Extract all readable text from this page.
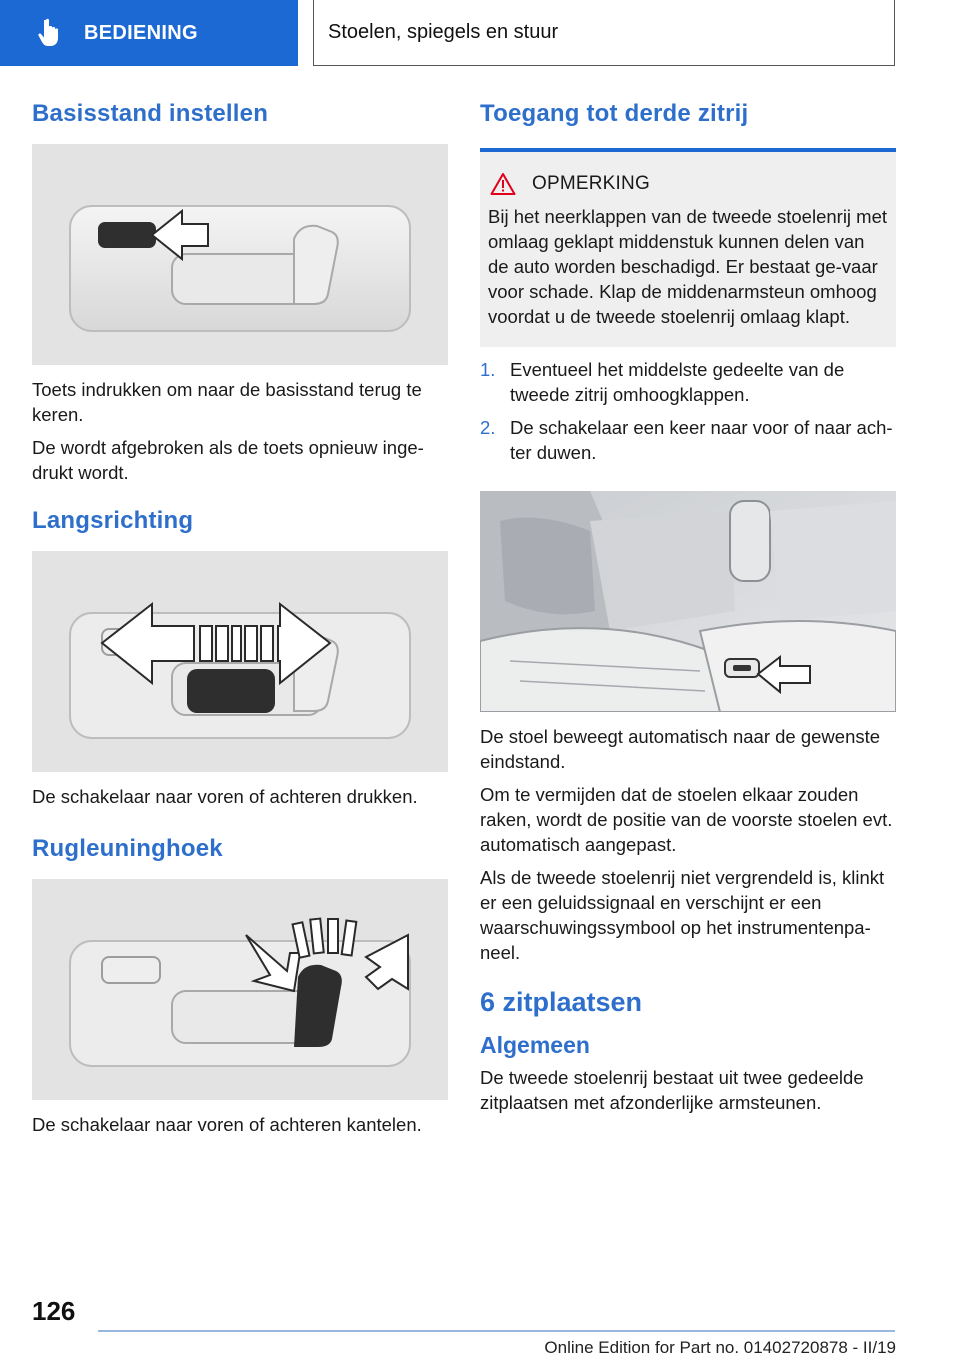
BEDIENING	Stoelen, spiegels en stuur
Basisstand instellen

Toets indrukken om naar de basisstand terug te keren.

De wordt afgebroken als de toets opnieuw inge‐drukt wordt.

Langsrichting

De schakelaar naar voren of achteren drukken.

Rugleuninghoek

De schakelaar naar voren of achteren kantelen.

Toegang tot derde zitrij
OPMERKING
Bij het neerklappen van de tweede stoelenrij met omlaag geklapt middenstuk kunnen delen van de auto worden beschadigd. Er bestaat ge‐vaar voor schade. Klap de middenarmsteun omhoog voordat u de tweede stoelenrij omlaag klapt.
1. Eventueel het middelste gedeelte van de tweede zitrij omhoogklappen.
2. De schakelaar een keer naar voor of naar ach‐ter duwen.

De stoel beweegt automatisch naar de gewenste eindstand.

Om te vermijden dat de stoelen elkaar zouden raken, wordt de positie van de voorste stoelen evt. automatisch aangepast.

Als de tweede stoelenrij niet vergrendeld is, klinkt er een geluidssignaal en verschijnt er een waarschuwingssymbool op het instrumentenpa‐neel.

6 zitplaatsen
Algemeen

De tweede stoelenrij bestaat uit twee gedeelde zitplaatsen met afzonderlijke armsteunen.

126
Online Edition for Part no. 01402720878 - II/19
